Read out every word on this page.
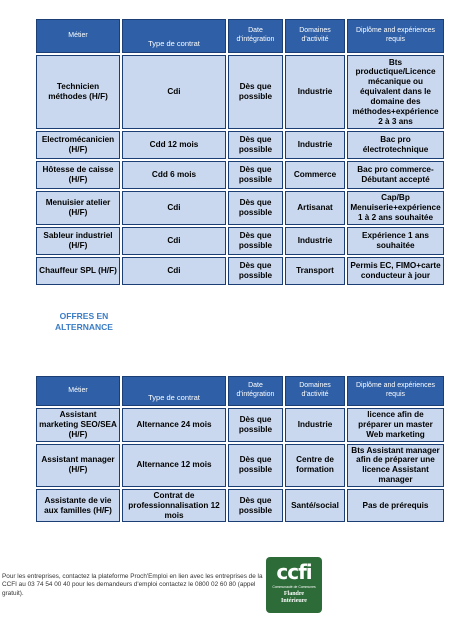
Métier	Type de contrat	Date d'intégration	Domaines d'activité	Diplôme and expériences requis
Technicien méthodes (H/F)	Cdi	Dès que possible	Industrie	Bts productique/Licence mécanique ou équivalent dans le domaine des méthodes+expérience 2 à 3 ans
Electromécanicien (H/F)	Cdd 12 mois	Dès que possible	Industrie	Bac pro électrotechnique
Hôtesse de caisse (H/F)	Cdd 6 mois	Dès que possible	Commerce	Bac pro commerce-Débutant accepté
Menuisier atelier (H/F)	Cdi	Dès que possible	Artisanat	Cap/Bp Menuiserie+expérience 1 à 2 ans souhaitée
Sableur industriel (H/F)	Cdi	Dès que possible	Industrie	Expérience 1 ans souhaitée
Chauffeur SPL (H/F)	Cdi	Dès que possible	Transport	Permis EC, FIMO+carte conducteur à jour
OFFRES EN ALTERNANCE
Métier	Type de contrat	Date d'intégration	Domaines d'activité	Diplôme and expériences requis
Assistant marketing SEO/SEA (H/F)	Alternance 24 mois	Dès que possible	Industrie	licence afin de préparer un master Web marketing
Assistant manager (H/F)	Alternance 12 mois	Dès que possible	Centre de formation	Bts Assistant manager afin de préparer une licence Assistant manager
Assistante de vie aux familles (H/F)	Contrat de professionnalisation 12 mois	Dès que possible	Santé/social	Pas de prérequis
Pour les entreprises, contactez la plateforme Proch'Emploi en lien avec les entreprises de la CCFI au 03 74 54 00 40 pour les demandeurs d'emploi contactez le 0800 02 60 80 (appel gratuit).
ccfi
Communauté de Communes
Flandre
Intérieure
